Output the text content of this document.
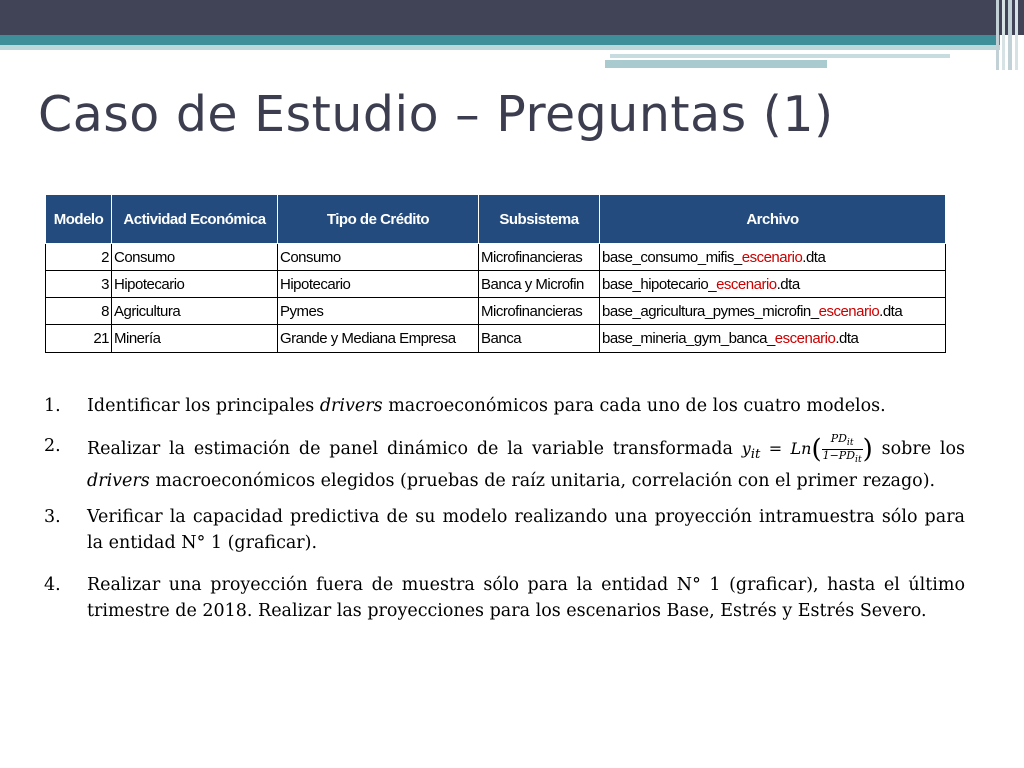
Caso de Estudio – Preguntas (1)
Modelo	Actividad Económica	Tipo de Crédito	Subsistema	Archivo
2	Consumo	Consumo	Microfinancieras	base_consumo_mifis_escenario.dta
3	Hipotecario	Hipotecario	Banca y Microfin	base_hipotecario_escenario.dta
8	Agricultura	Pymes	Microfinancieras	base_agricultura_pymes_microfin_escenario.dta
21	Minería	Grande y Mediana Empresa	Banca	base_mineria_gym_banca_escenario.dta
1. Identificar los principales drivers macroeconómicos para cada uno de los cuatro modelos.
2. Realizar la estimación de panel dinámico de la variable transformada $y_{it} = Ln( \frac{PD_{it}}{1-PD_{it}}$ ) sobre los drivers macroeconómicos elegidos (pruebas de raíz unitaria, correlación con el primer rezago).
3. Verificar la capacidad predictiva de su modelo realizando una proyección intramuestra sólo para la entidad N° 1 (graficar).
4. Realizar una proyección fuera de muestra sólo para la entidad N° 1 (graficar), hasta el último trimestre de 2018. Realizar las proyecciones para los escenarios Base, Estrés y Estrés Severo.
